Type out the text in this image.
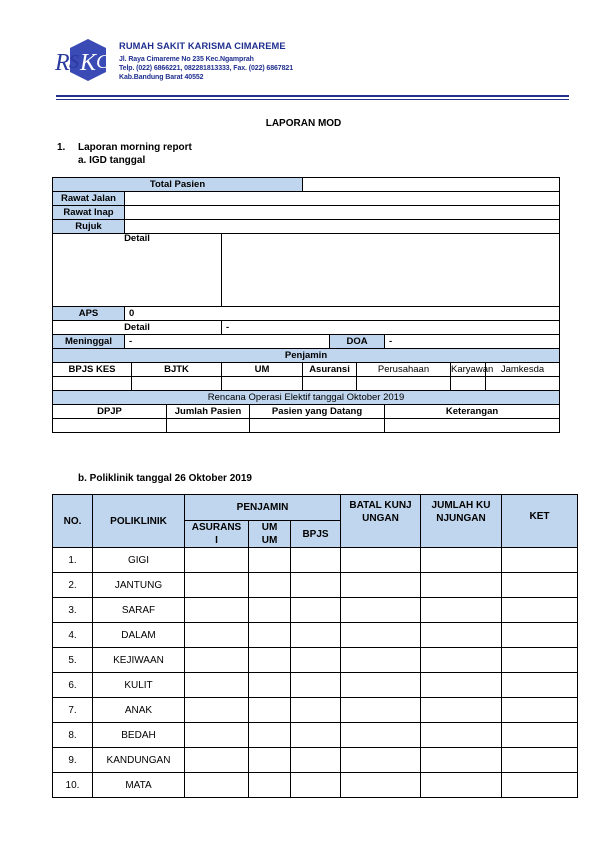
R S K C
RUMAH SAKIT KARISMA CIMAREME
Jl. Raya Cimareme No 235 Kec.Ngamprah
Telp. (022) 6866221, 082281813333, Fax. (022) 6867821
Kab.Bandung Barat 40552
LAPORAN MOD
1. Laporan morning report
a. IGD tanggal
Total Pasien											
Rawat Jalan											
Rawat Inap											
Rujuk											
Detail											
APS	0										
Detail				-							
Meninggal	-						DOA		-		
Penjamin											
BPJS KES		BJTK		UM		Asuransi		Perusahaan		Karyawan	Jamkesda

Rencana Operasi Elektif tanggal Oktober 2019											
DPJP			Jumlah Pasien		Pasien yang Datang				Keterangan		

b. Poliklinik tanggal 26 Oktober 2019
NO.	POLIKLINIK	PENJAMIN			BATAL KUNJUNGAN	JUMLAH KUNJUNGAN	KET
		ASURANSI	UMUM	BPJS			
1.	GIGI						
2.	JANTUNG						
3.	SARAF						
4.	DALAM						
5.	KEJIWAAN						
6.	KULIT						
7.	ANAK						
8.	BEDAH						
9.	KANDUNGAN						
10.	MATA						
